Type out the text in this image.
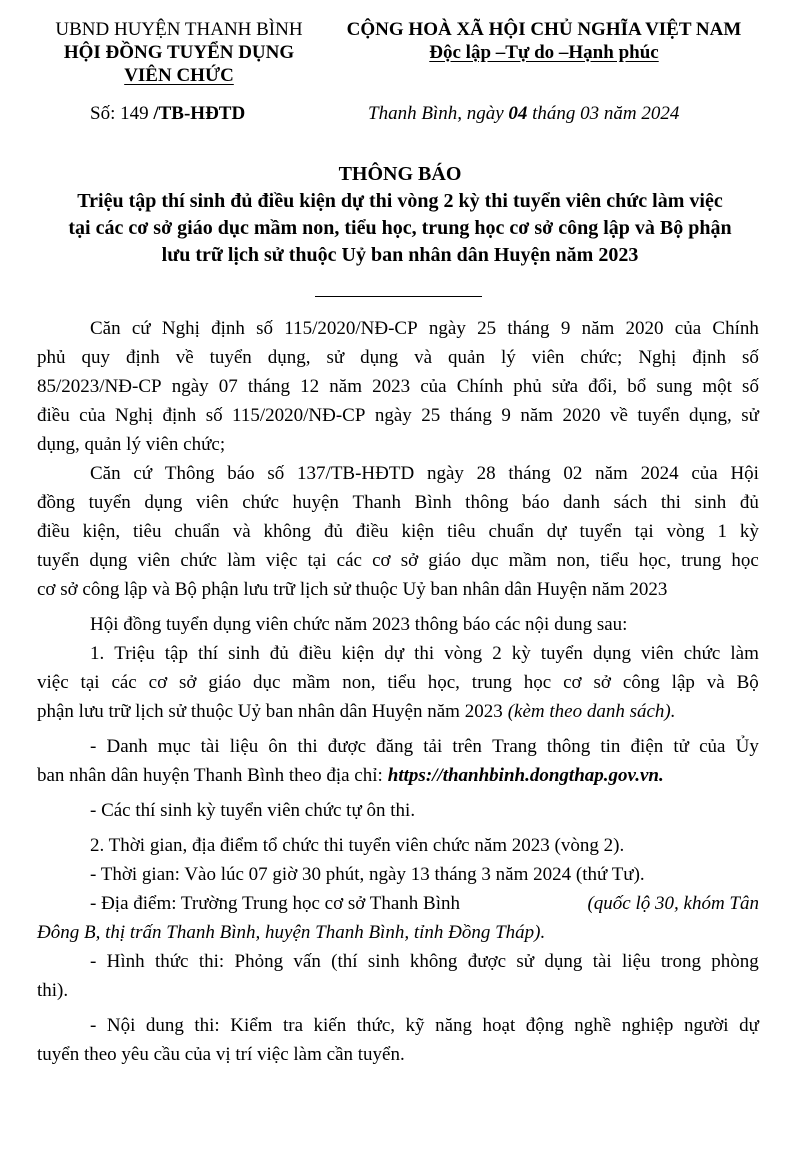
UBND HUYỆN THANH BÌNH
HỘI ĐỒNG TUYỂN DỤNG
VIÊN CHỨC
CỘNG HOÀ XÃ HỘI CHỦ NGHĨA VIỆT NAM
Độc lập –Tự do –Hạnh phúc
Số: 149 /TB-HĐTD	Thanh Bình, ngày 04 tháng 03 năm 2024
THÔNG BÁO
Triệu tập thí sinh đủ điều kiện dự thi vòng 2 kỳ thi tuyển viên chức làm việc
tại các cơ sở giáo dục mầm non, tiểu học, trung học cơ sở công lập và Bộ phận
lưu trữ lịch sử thuộc Uỷ ban nhân dân Huyện năm 2023
Căn cứ Nghị định số 115/2020/NĐ-CP ngày 25 tháng 9 năm 2020 của Chính
phủ quy định về tuyển dụng, sử dụng và quản lý viên chức; Nghị định số
85/2023/NĐ-CP ngày 07 tháng 12 năm 2023 của Chính phủ sửa đổi, bổ sung một số
điều của Nghị định số 115/2020/NĐ-CP ngày 25 tháng 9 năm 2020 về tuyển dụng, sử
dụng, quản lý viên chức;
Căn cứ Thông báo số 137/TB-HĐTD ngày 28 tháng 02 năm 2024 của Hội
đồng tuyển dụng viên chức huyện Thanh Bình thông báo danh sách thi sinh đủ
điều kiện, tiêu chuẩn và không đủ điều kiện tiêu chuẩn dự tuyển tại vòng 1 kỳ
tuyển dụng viên chức làm việc tại các cơ sở giáo dục mầm non, tiểu học, trung học
cơ sở công lập và Bộ phận lưu trữ lịch sử thuộc Uỷ ban nhân dân Huyện năm 2023
Hội đồng tuyển dụng viên chức năm 2023 thông báo các nội dung sau:
1. Triệu tập thí sinh đủ điều kiện dự thi vòng 2 kỳ tuyển dụng viên chức làm
việc tại các cơ sở giáo dục mầm non, tiểu học, trung học cơ sở công lập và Bộ
phận lưu trữ lịch sử thuộc Uỷ ban nhân dân Huyện năm 2023 (kèm theo danh sách).
- Danh mục tài liệu ôn thi được đăng tải trên Trang thông tin điện tử của Ủy
ban nhân dân huyện Thanh Bình theo địa chỉ: https://thanhbinh.dongthap.gov.vn.
- Các thí sinh kỳ tuyển viên chức tự ôn thi.
2. Thời gian, địa điểm tổ chức thi tuyển viên chức năm 2023 (vòng 2).
- Thời gian: Vào lúc 07 giờ 30 phút, ngày 13 tháng 3 năm 2024 (thứ Tư).
- Địa điểm: Trường Trung học cơ sở Thanh Bình	(quốc lộ 30, khóm Tân
Đông B, thị trấn Thanh Bình, huyện Thanh Bình, tỉnh Đồng Tháp).
- Hình thức thi: Phỏng vấn (thí sinh không được sử dụng tài liệu trong phòng
thi).
- Nội dung thi: Kiểm tra kiến thức, kỹ năng hoạt động nghề nghiệp người dự
tuyển theo yêu cầu của vị trí việc làm cần tuyển.
